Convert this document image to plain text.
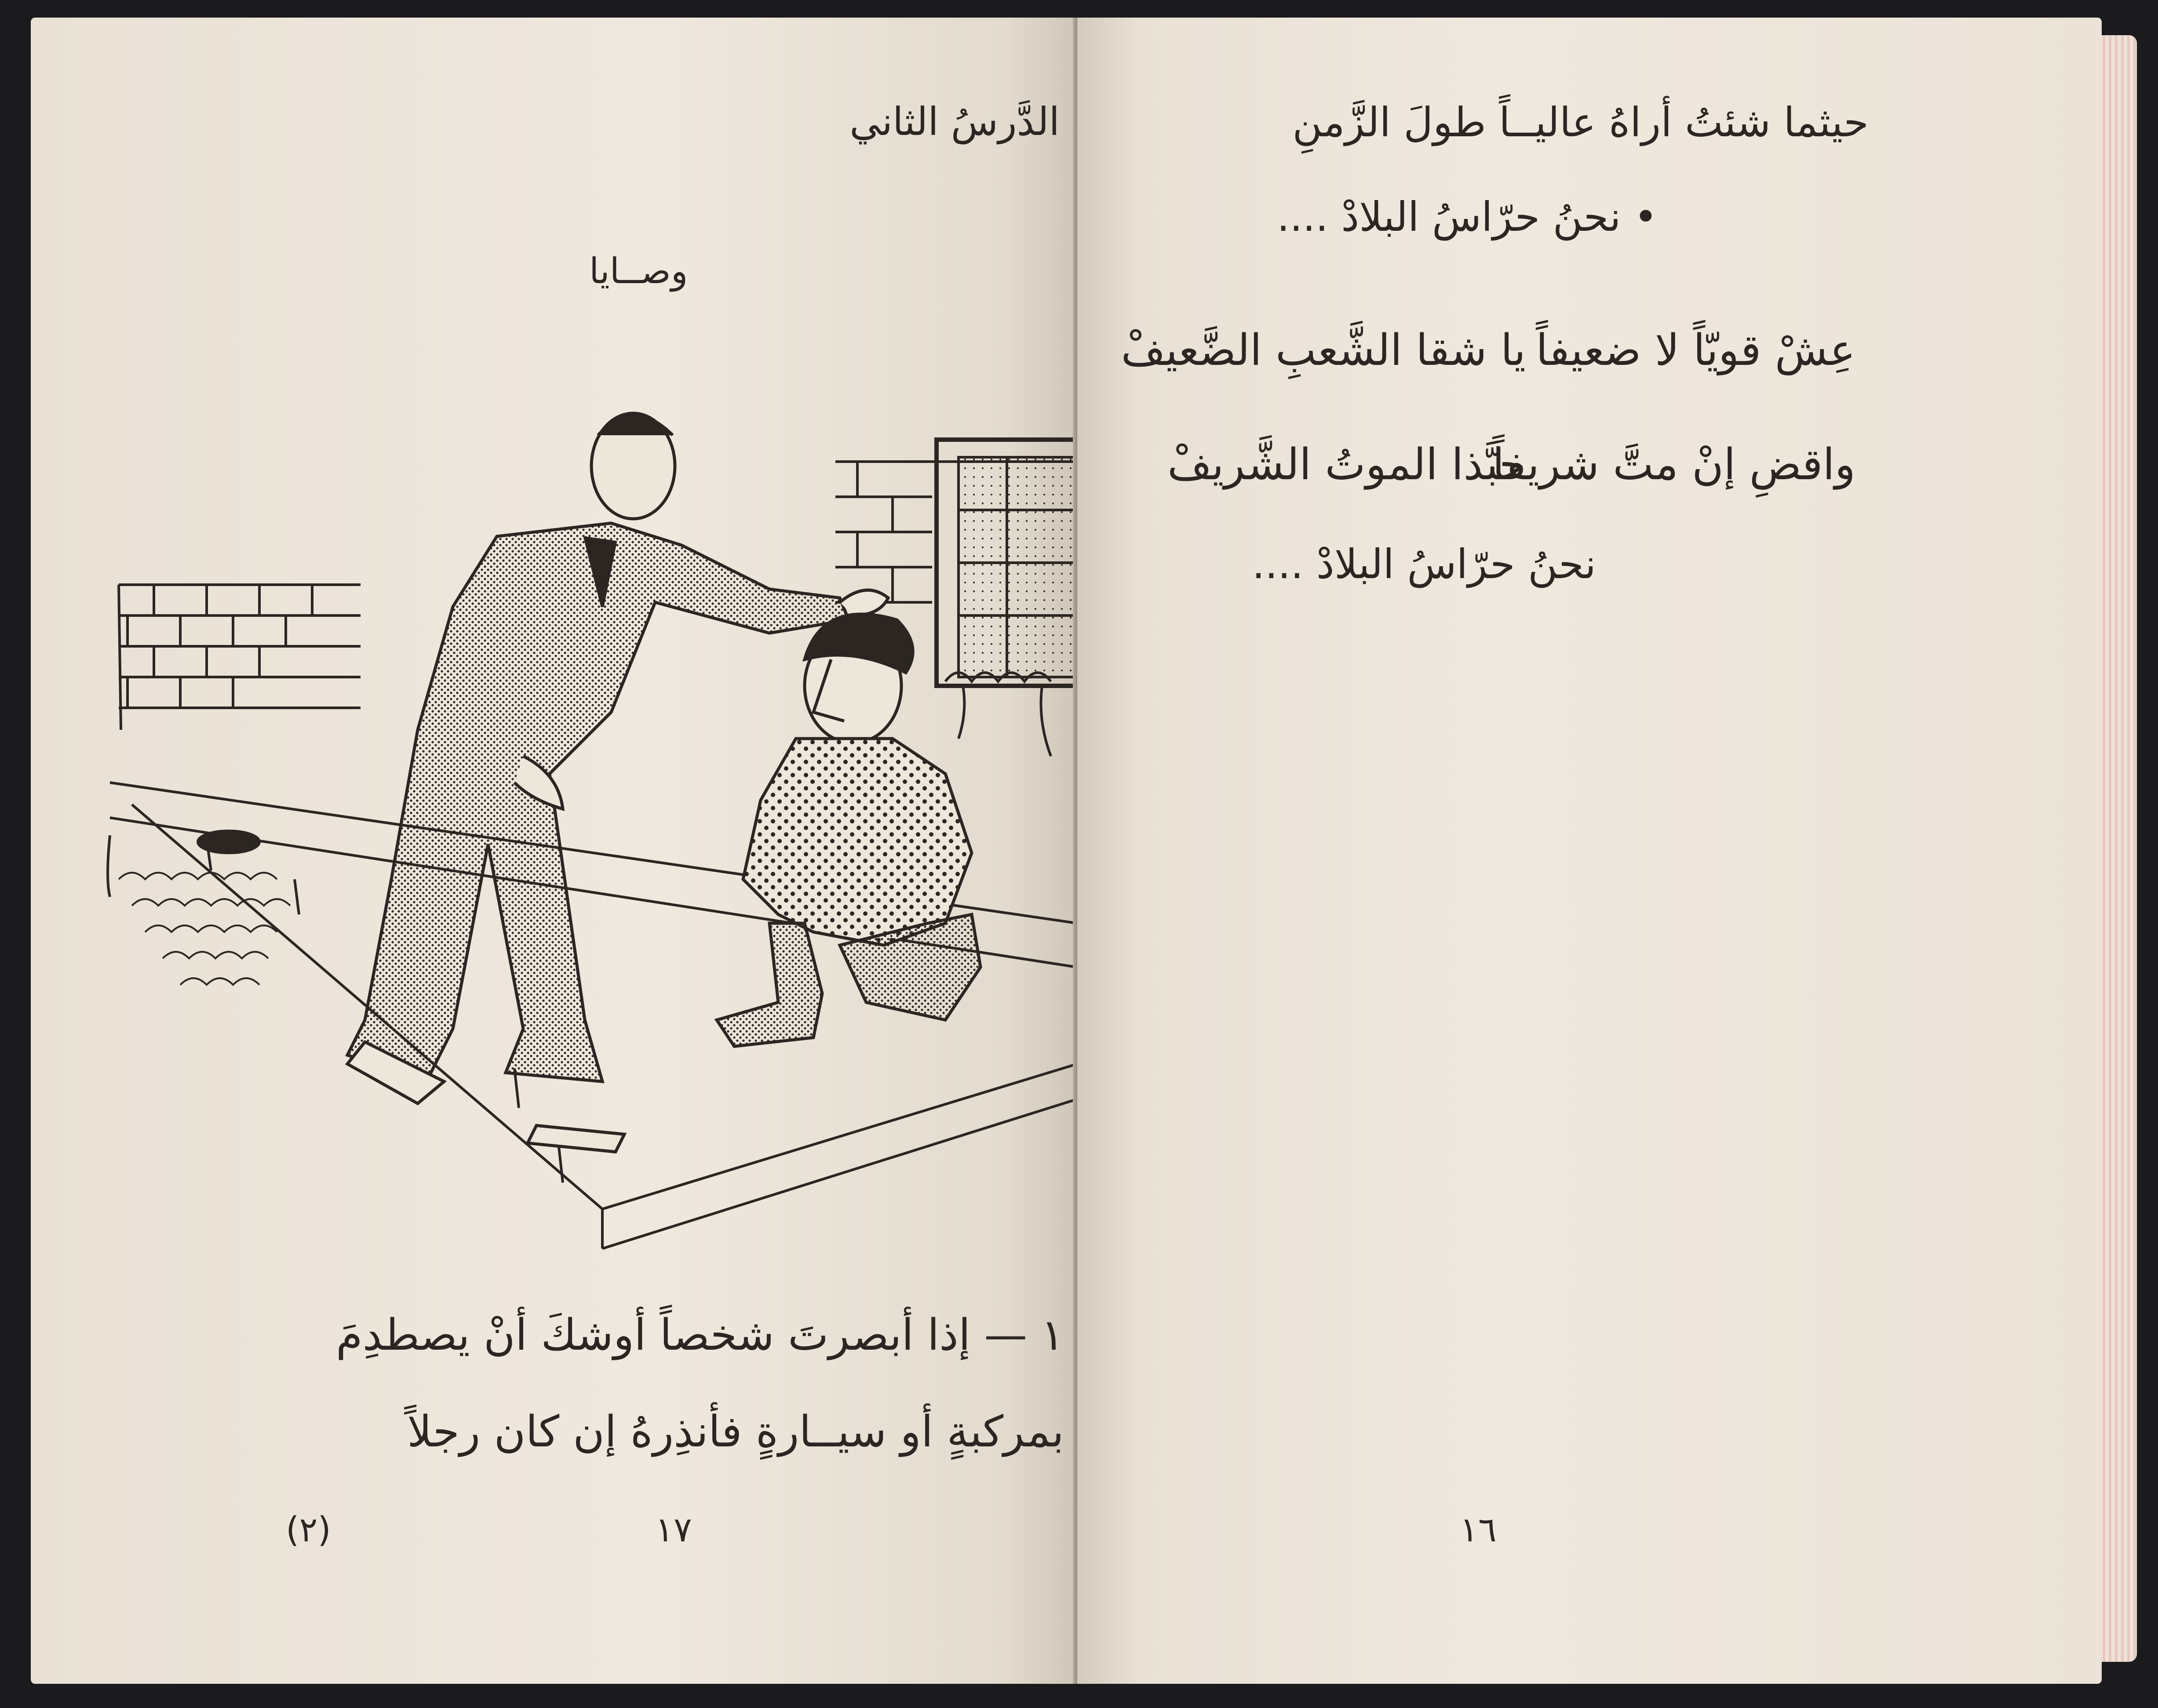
الدَّرسُ الثاني
وصــايا
١ — إذا أبصرتَ شخصاً أوشكَ أنْ يصطدِمَ
بمركبةٍ أو سيــارةٍ فأنذِرهُ إن كان رجلاً
١٧
(٢)
حيثما شئتُ أراهُ عاليــاً طولَ الزَّمنِ
• نحنُ حرّاسُ البلادْ ....
عِشْ قويّاً لا ضعيفاً
يا شقا الشَّعبِ الضَّعيفْ
واقضِ إنْ متَّ شريفاً
حبَّذا الموتُ الشَّريفْ
نحنُ حرّاسُ البلادْ ....
١٦
